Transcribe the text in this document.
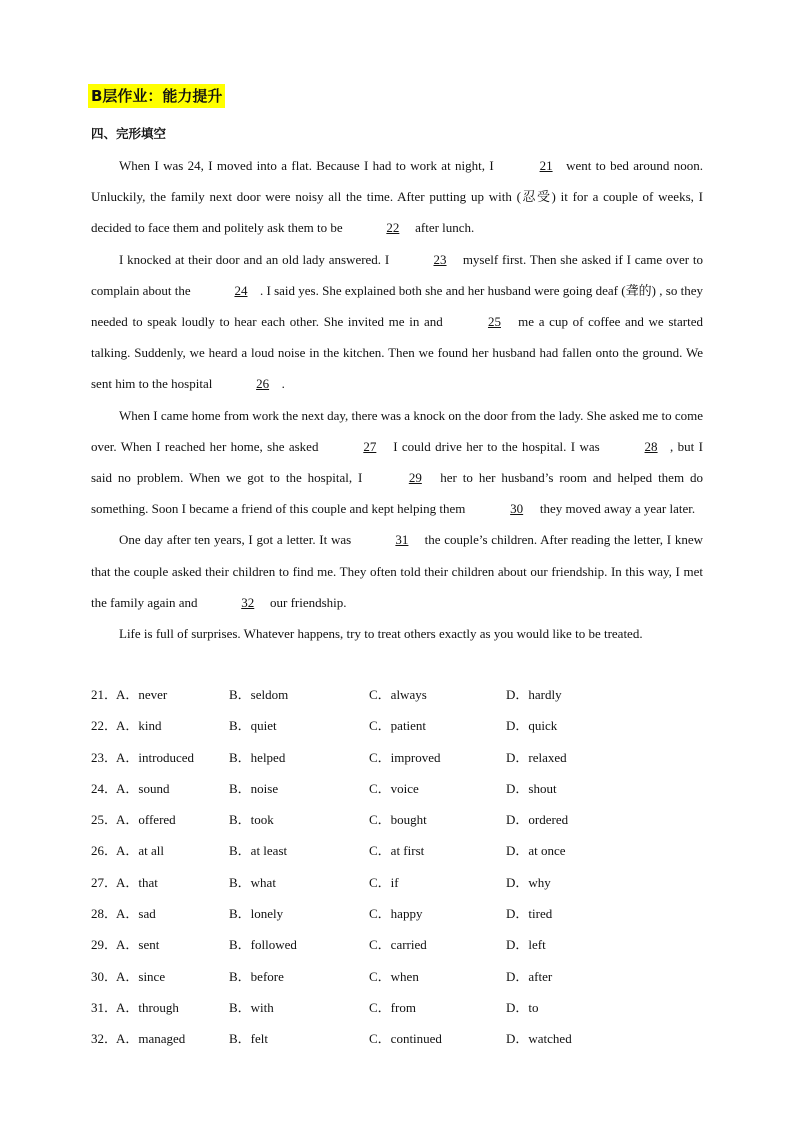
B层作业：能力提升
四、完形填空

When I was 24, I moved into a flat. Because I had to work at night, I	21 went to bed around noon. Unluckily, the family next door were noisy all the time. After putting up with (忍受) it for a couple of weeks, I decided to face them and politely ask them to be	22 after lunch.

I knocked at their door and an old lady answered. I	23 myself first. Then she asked if I came over to complain about the	24 . I said yes. She explained both she and her husband were going deaf (聋的) , so they needed to speak loudly to hear each other. She invited me in and	25 me a cup of coffee and we started talking. Suddenly, we heard a loud noise in the kitchen. Then we found her husband had fallen onto the ground. We sent him to the hospital	26 .

When I came home from work the next day, there was a knock on the door from the lady. She asked me to come over. When I reached her home, she asked	27 I could drive her to the hospital. I was	28 , but I said no problem. When we got to the hospital, I	29 her to her husband’s room and helped them do something. Soon I became a friend of this couple and kept helping them	30 they moved away a year later.

One day after ten years, I got a letter. It was	31 the couple’s children. After reading the letter, I knew that the couple asked their children to find me. They often told their children about our friendship. In this way, I met the family again and	32 our friendship.

Life is full of surprises. Whatever happens, try to treat others exactly as you would like to be treated.

21．
A．never	B．seldom	C．always	D．hardly
22．
A．kind	B．quiet	C．patient	D．quick
23．
A．introduced	B．helped	C．improved	D．relaxed
24．
A．sound	B．noise	C．voice	D．shout
25．
A．offered	B．took	C．bought	D．ordered
26．
A．at all	B．at least	C．at first	D．at once
27．
A．that	B．what	C．if	D．why
28．
A．sad	B．lonely	C．happy	D．tired
29．
A．sent	B．followed	C．carried	D．left
30．
A．since	B．before	C．when	D．after
31．
A．through	B．with	C．from	D．to
32．
A．managed	B．felt	C．continued	D．watched
